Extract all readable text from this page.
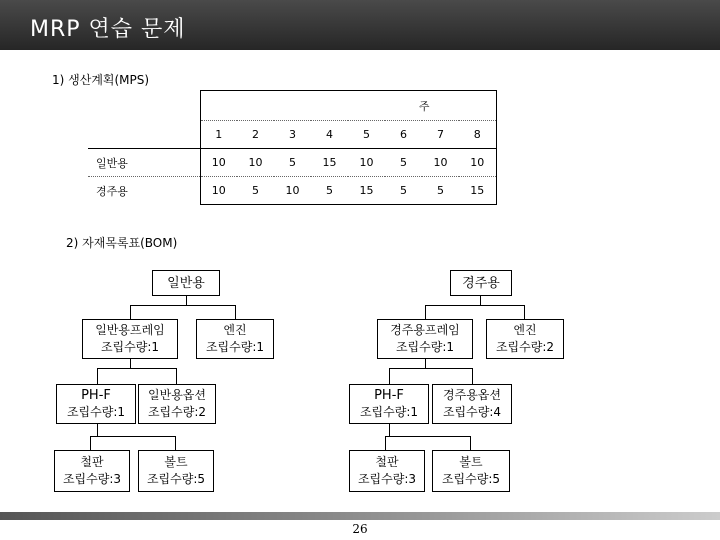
MRP 연습 문제
1) 생산계획(MPS)
	주							
	1	2	3	4	5	6	7	8
일반용	10	10	5	15	10	5	10	10
경주용	10	5	10	5	15	5	5	15
2) 자재목록표(BOM)
일반용
일반용프레임
조립수량:1
엔진
조립수량:1
PH-F
조립수량:1
일반용옵션
조립수량:2
철판
조립수량:3
볼트
조립수량:5
경주용
경주용프레임
조립수량:1
엔진
조립수량:2
PH-F
조립수량:1
경주용옵션
조립수량:4
철판
조립수량:3
볼트
조립수량:5
26
